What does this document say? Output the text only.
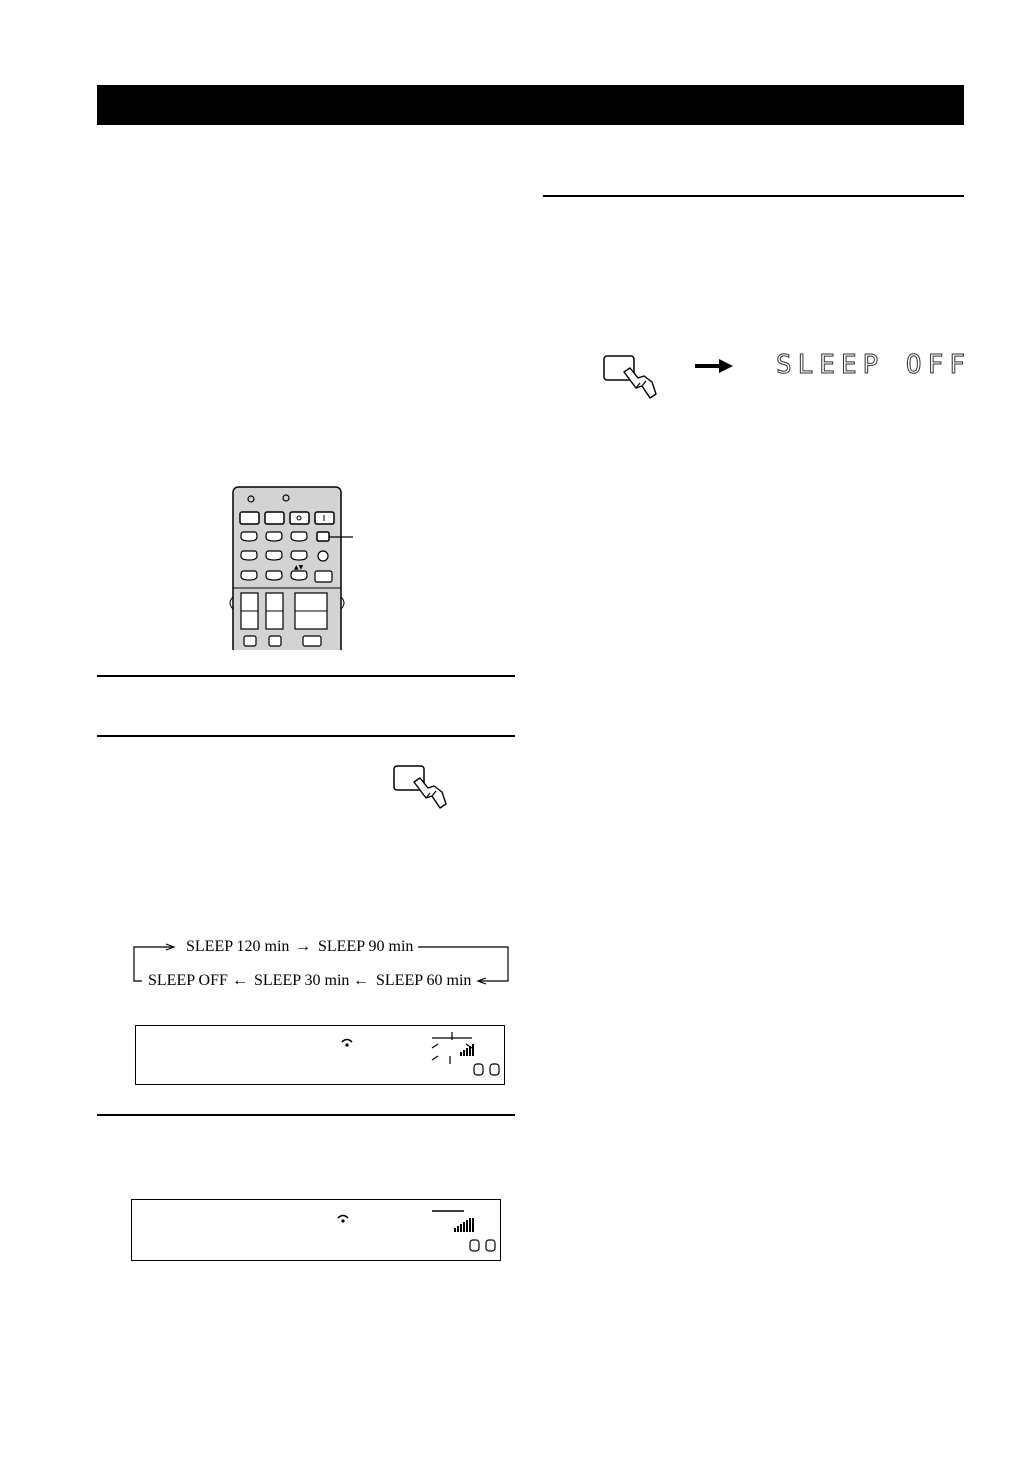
SLEEP OFF
▲▼
SLEEP 120 min → SLEEP 90 min
SLEEP OFF ← SLEEP 30 min ← SLEEP 60 min
